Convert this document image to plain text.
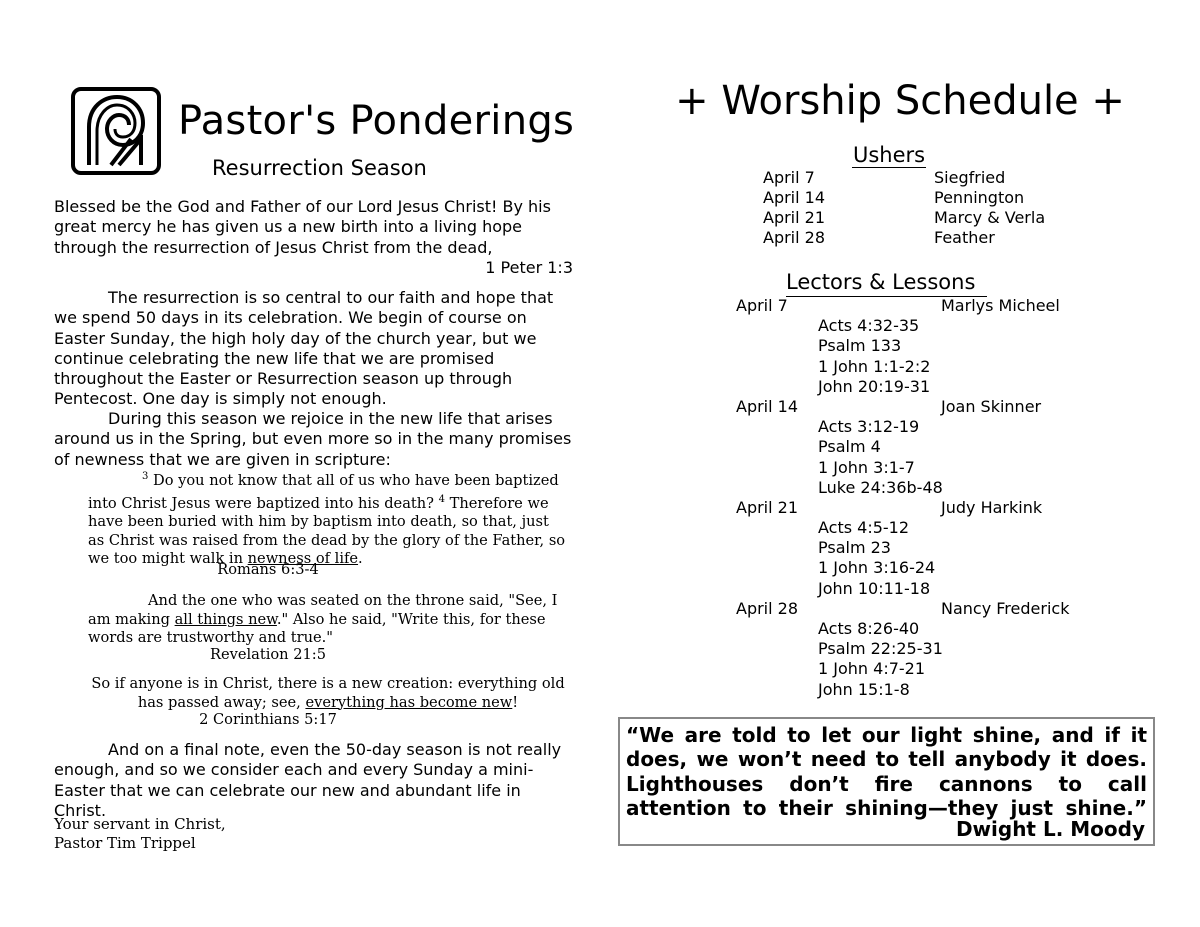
Pastor's Ponderings
Resurrection Season
Blessed be the God and Father of our Lord Jesus Christ! By his great mercy he has given us a new birth into a living hope through the resurrection of Jesus Christ from the dead,
1 Peter 1:3
The resurrection is so central to our faith and hope that we spend 50 days in its celebration. We begin of course on Easter Sunday, the high holy day of the church year, but we continue celebrating the new life that we are promised throughout the Easter or Resurrection season up through Pentecost. One day is simply not enough.
During this season we rejoice in the new life that arises around us in the Spring, but even more so in the many promises of newness that we are given in scripture:
$^3$ Do you not know that all of us who have been baptized into Christ Jesus were baptized into his death? $^4$ Therefore we have been buried with him by baptism into death, so that, just as Christ was raised from the dead by the glory of the Father, so we too might walk in newness of life.
Romans 6:3-4
And the one who was seated on the throne said, "See, I am making all things new." Also he said, "Write this, for these words are trustworthy and true."
Revelation 21:5
So if anyone is in Christ, there is a new creation: everything old has passed away; see, everything has become new!
2 Corinthians 5:17
And on a final note, even the 50-day season is not really enough, and so we consider each and every Sunday a mini-Easter that we can celebrate our new and abundant life in Christ.
Your servant in Christ,
Pastor Tim Trippel
+ Worship Schedule +
Ushers
April 7	Siegfried
April 14	Pennington
April 21	Marcy & Verla
April 28	Feather
Lectors & Lessons
April 7	Marlys Micheel
Acts 4:32-35
Psalm 133
1 John 1:1-2:2
John 20:19-31
April 14	Joan Skinner
Acts 3:12-19
Psalm 4
1 John 3:1-7
Luke 24:36b-48
April 21	Judy Harkink
Acts 4:5-12
Psalm 23
1 John 3:16-24
John 10:11-18
April 28	Nancy Frederick
Acts 8:26-40
Psalm 22:25-31
1 John 4:7-21
John 15:1-8
“We are told to let our light shine, and if it
does, we won’t need to tell anybody it does.
Lighthouses don’t fire cannons to call
attention to their shining—they just shine.”
Dwight L. Moody
